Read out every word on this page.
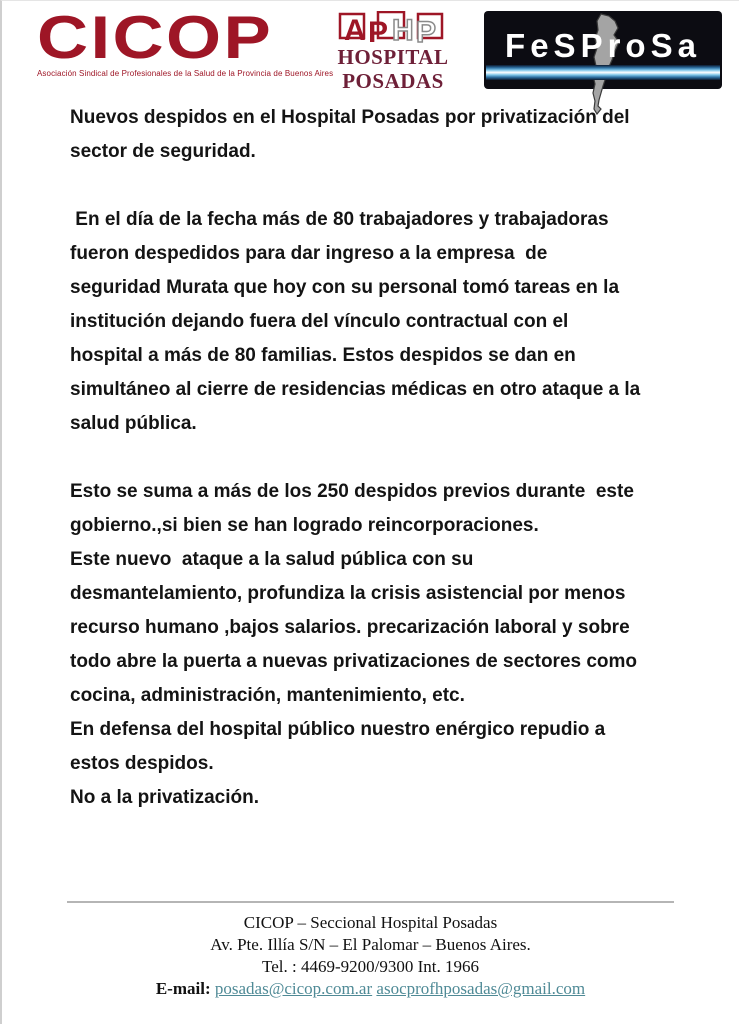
CICOP
Asociación Sindical de Profesionales de la Salud de la Provincia de Buenos Aires
A P H P
HOSPITAL
POSADAS
FeSProSa
Nuevos despidos en el Hospital Posadas por privatización del
sector de seguridad.
En el día de la fecha más de 80 trabajadores y trabajadoras
fueron despedidos para dar ingreso a la empresa  de
seguridad Murata que hoy con su personal tomó tareas en la
institución dejando fuera del vínculo contractual con el
hospital a más de 80 familias. Estos despidos se dan en
simultáneo al cierre de residencias médicas en otro ataque a la
salud pública.
Esto se suma a más de los 250 despidos previos durante  este
gobierno.,si bien se han logrado reincorporaciones.
Este nuevo  ataque a la salud pública con su
desmantelamiento, profundiza la crisis asistencial por menos
recurso humano ,bajos salarios. precarización laboral y sobre
todo abre la puerta a nuevas privatizaciones de sectores como
cocina, administración, mantenimiento, etc.
En defensa del hospital público nuestro enérgico repudio a
estos despidos.
No a la privatización.
CICOP – Seccional Hospital Posadas
Av. Pte. Illía S/N – El Palomar – Buenos Aires.
Tel. : 4469-9200/9300 Int. 1966
E-mail: posadas@cicop.com.ar asocprofhposadas@gmail.com
